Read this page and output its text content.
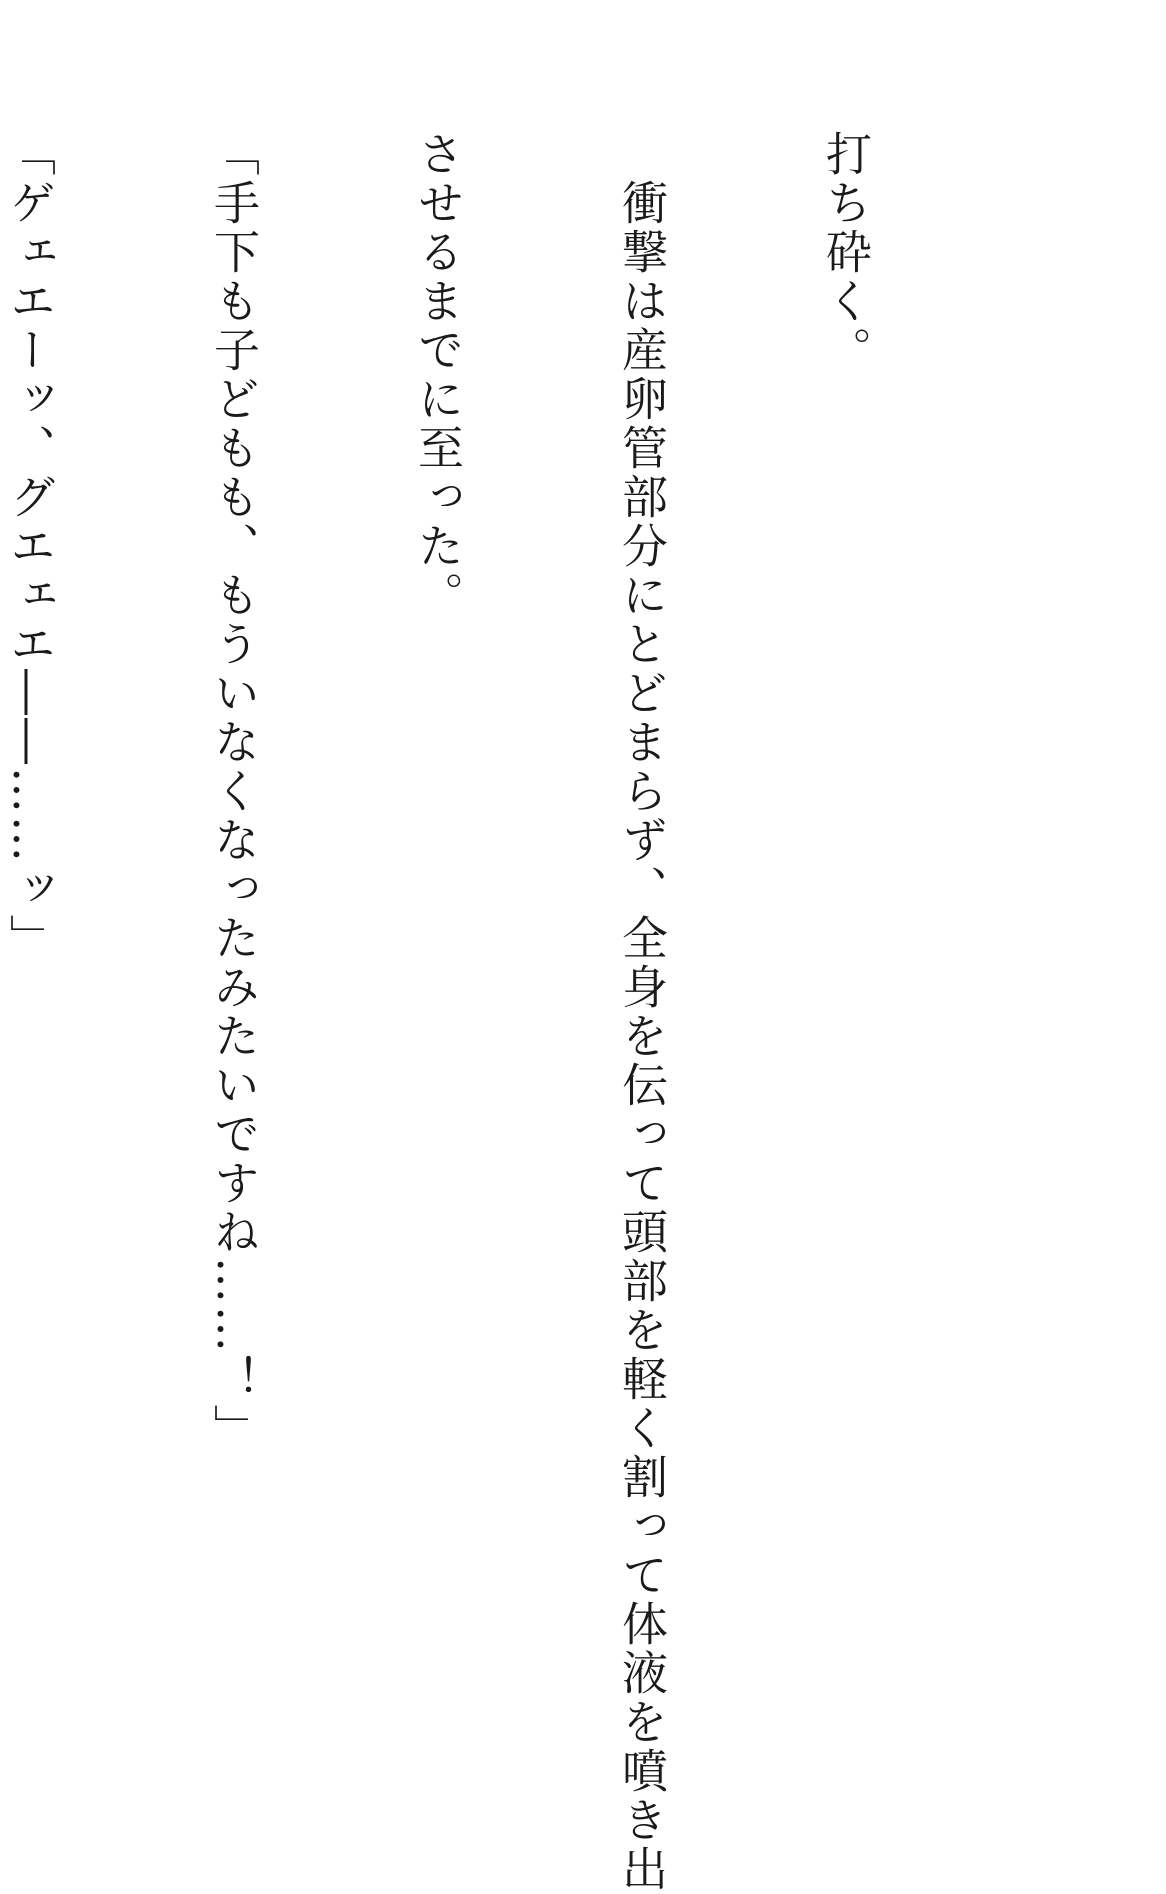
打ち砕く。

　衝撃は産卵管部分にとどまらず、全身を伝って頭部を軽く割って体液を噴き出

させるまでに至った。

「手下も子どもも、もういなくなったみたいですね……！」

「ゲェエーッ、グエェエ――……ッ」
